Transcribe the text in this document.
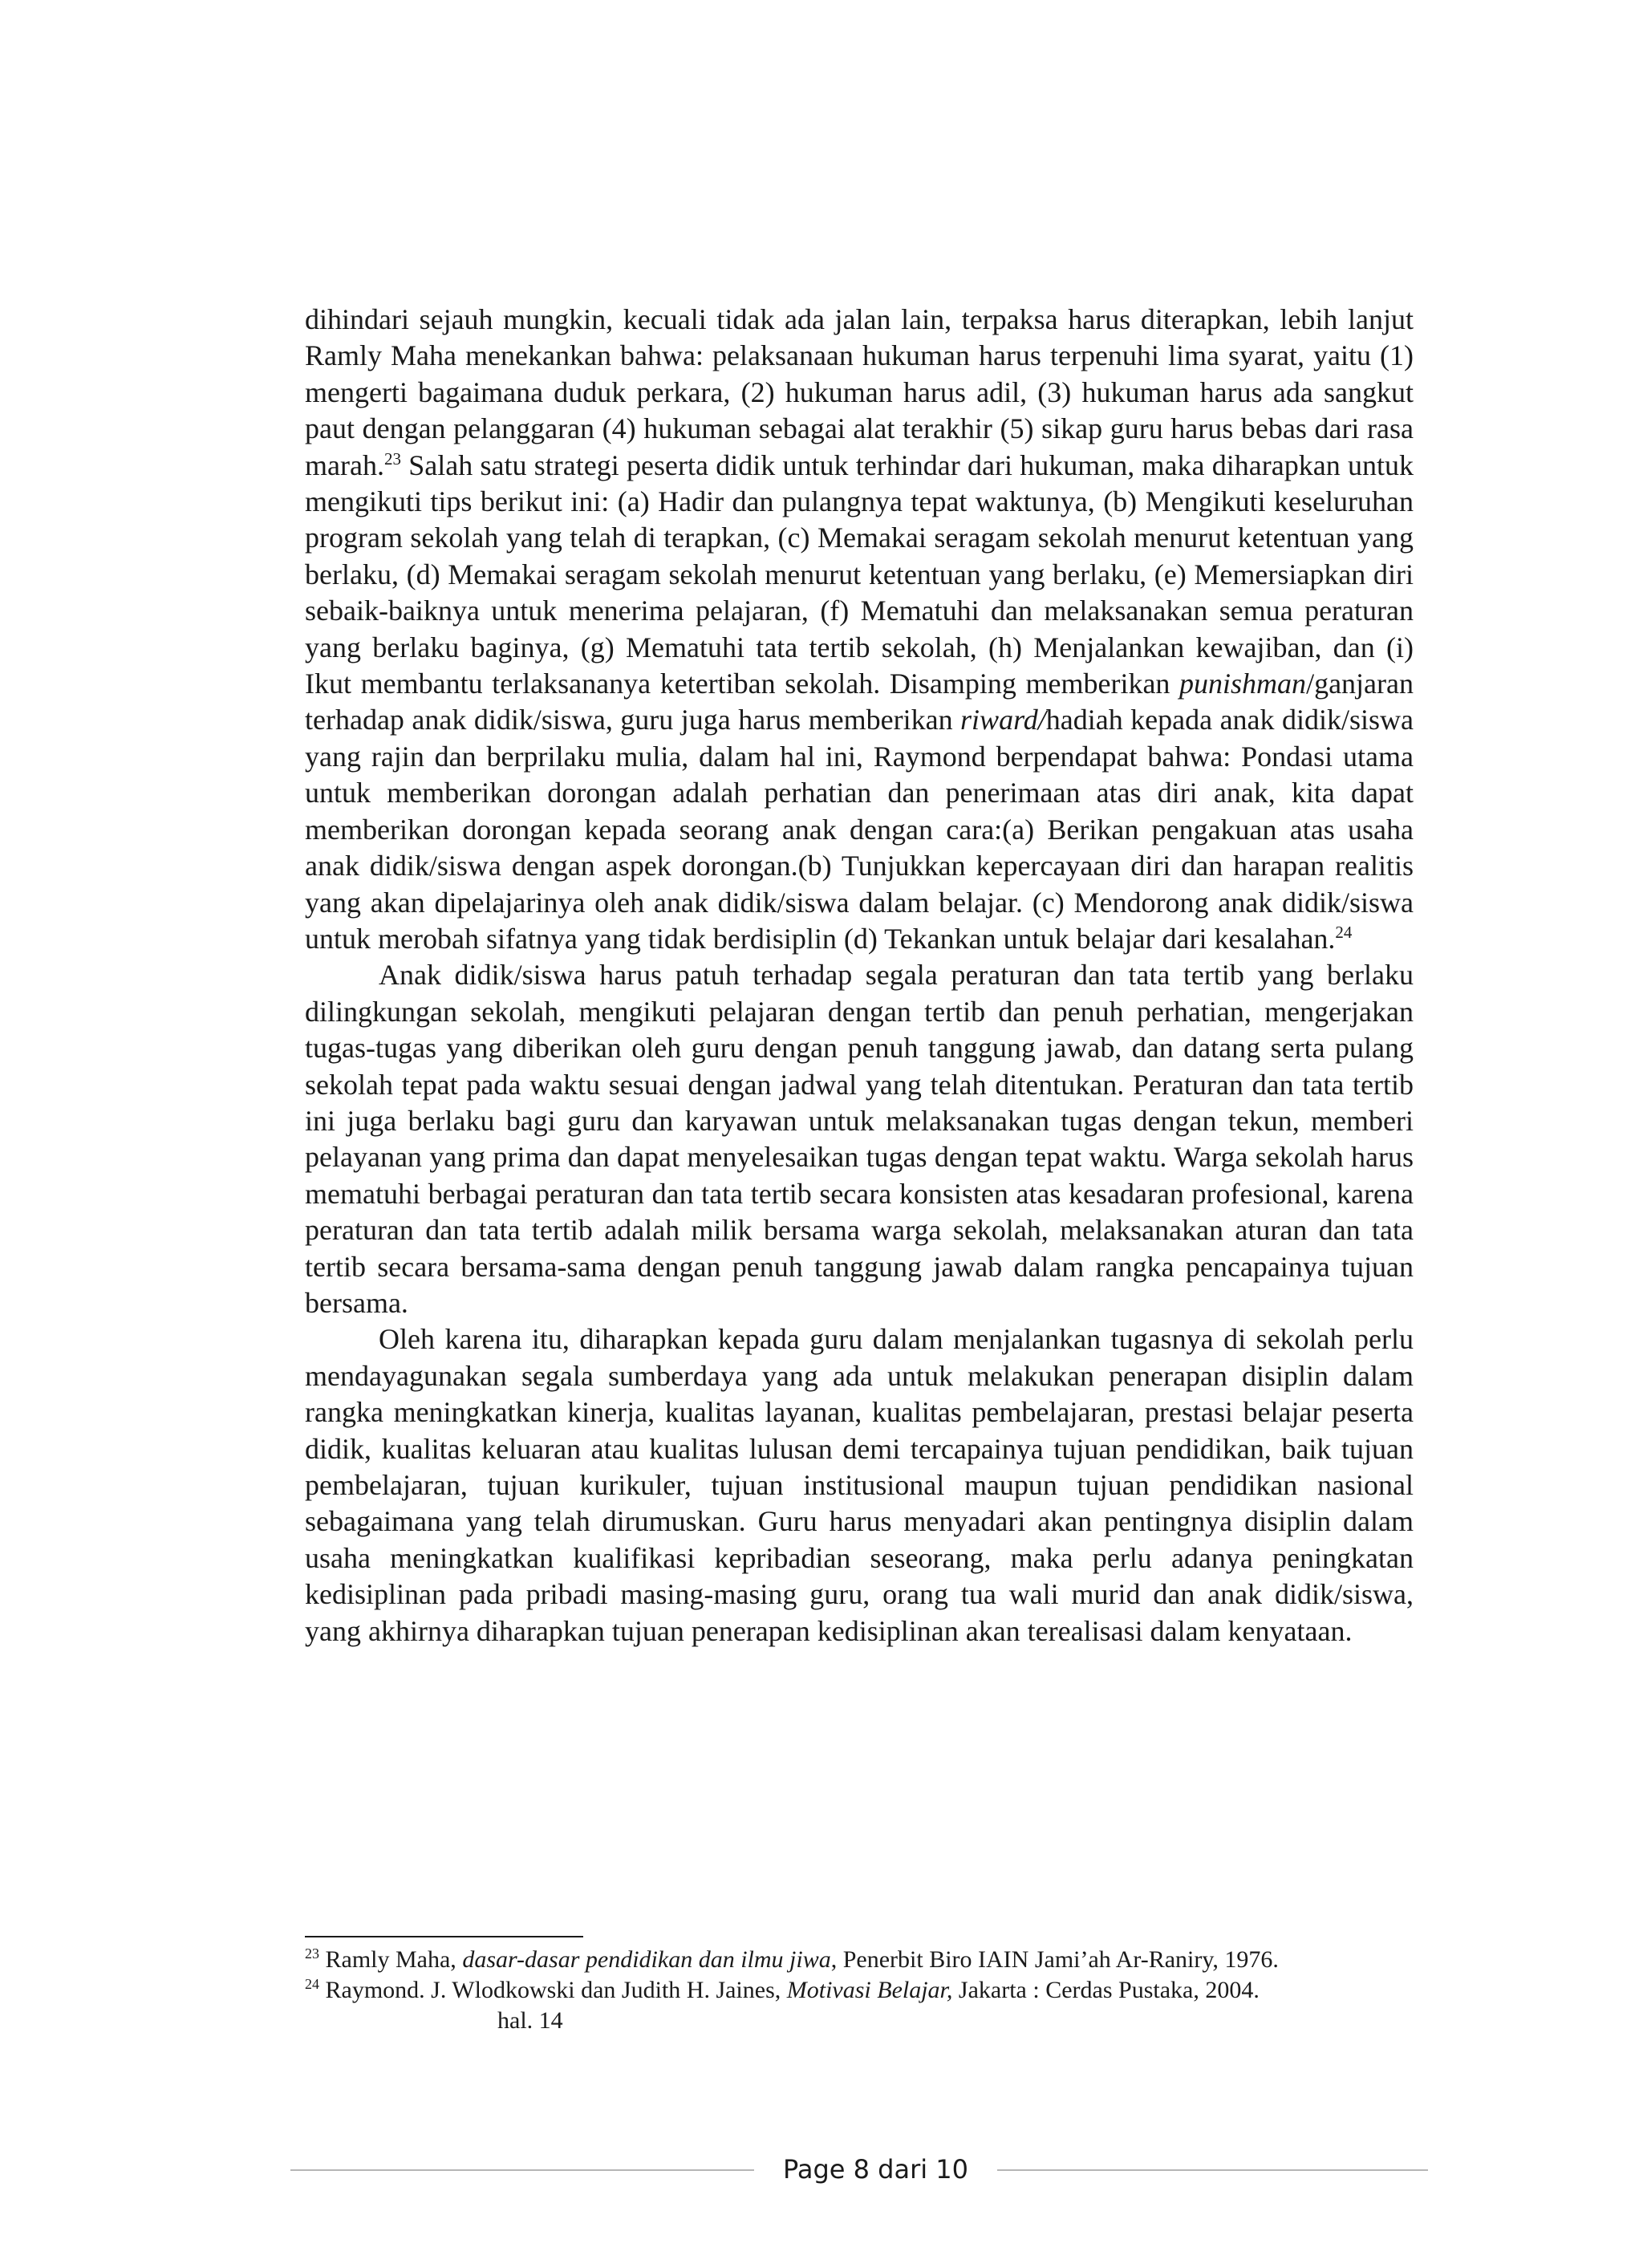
dihindari sejauh mungkin, kecuali tidak ada jalan lain, terpaksa harus diterapkan, lebih lanjut Ramly Maha menekankan bahwa: pelaksanaan hukuman harus terpenuhi lima syarat, yaitu (1) mengerti bagaimana duduk perkara, (2) hukuman harus adil, (3) hukuman harus ada sangkut paut dengan pelanggaran (4) hukuman sebagai alat terakhir (5) sikap guru harus bebas dari rasa marah.$^{23}$ Salah satu strategi peserta didik untuk terhindar dari hukuman, maka diharapkan untuk mengikuti tips berikut ini: (a) Hadir dan pulangnya tepat waktunya, (b) Mengikuti keseluruhan program sekolah yang telah di terapkan, (c) Memakai seragam sekolah menurut ketentuan yang berlaku, (d) Memakai seragam sekolah menurut ketentuan yang berlaku, (e) Memersiapkan diri sebaik-baiknya untuk menerima pelajaran, (f) Mematuhi dan melaksanakan semua peraturan yang berlaku baginya, (g) Mematuhi tata tertib sekolah, (h) Menjalankan kewajiban, dan (i) Ikut membantu terlaksananya ketertiban sekolah. Disamping memberikan punishman/ganjaran terhadap anak didik/siswa, guru juga harus memberikan riward/hadiah kepada anak didik/siswa yang rajin dan berprilaku mulia, dalam hal ini, Raymond berpendapat bahwa: Pondasi utama untuk memberikan dorongan adalah perhatian dan penerimaan atas diri anak, kita dapat memberikan dorongan kepada seorang anak dengan cara:(a) Berikan pengakuan atas usaha anak didik/siswa dengan aspek dorongan.(b) Tunjukkan kepercayaan diri dan harapan realitis yang akan dipelajarinya oleh anak didik/siswa dalam belajar. (c) Mendorong anak didik/siswa untuk merobah sifatnya yang tidak berdisiplin (d) Tekankan untuk belajar dari kesalahan.$^{24}$

Anak didik/siswa harus patuh terhadap segala peraturan dan tata tertib yang berlaku dilingkungan sekolah, mengikuti pelajaran dengan tertib dan penuh perhatian, mengerjakan tugas-tugas yang diberikan oleh guru dengan penuh tanggung jawab, dan datang serta pulang sekolah tepat pada waktu sesuai dengan jadwal yang telah ditentukan. Peraturan dan tata tertib ini juga berlaku bagi guru dan karyawan untuk melaksanakan tugas dengan tekun, memberi pelayanan yang prima dan dapat menyelesaikan tugas dengan tepat waktu. Warga sekolah harus mematuhi berbagai peraturan dan tata tertib secara konsisten atas kesadaran profesional, karena peraturan dan tata tertib adalah milik bersama warga sekolah, melaksanakan aturan dan tata tertib secara bersama-sama dengan penuh tanggung jawab dalam rangka pencapainya tujuan bersama.

Oleh karena itu, diharapkan kepada guru dalam menjalankan tugasnya di sekolah perlu mendayagunakan segala sumberdaya yang ada untuk melakukan penerapan disiplin dalam rangka meningkatkan kinerja, kualitas layanan, kualitas pembelajaran, prestasi belajar peserta didik, kualitas keluaran atau kualitas lulusan demi tercapainya tujuan pendidikan, baik tujuan pembelajaran, tujuan kurikuler, tujuan institusional maupun tujuan pendidikan nasional sebagaimana yang telah dirumuskan. Guru harus menyadari akan pentingnya disiplin dalam usaha meningkatkan kualifikasi kepribadian seseorang, maka perlu adanya peningkatan kedisiplinan pada pribadi masing-masing guru, orang tua wali murid dan anak didik/siswa, yang akhirnya diharapkan tujuan penerapan kedisiplinan akan terealisasi dalam kenyataan.

$^{23}$ Ramly Maha, dasar-dasar pendidikan dan ilmu jiwa, Penerbit Biro IAIN Jami’ah Ar-Raniry, 1976.

$^{24}$ Raymond. J. Wlodkowski dan Judith H. Jaines, Motivasi Belajar, Jakarta : Cerdas Pustaka, 2004.

hal. 14

Page 8 dari 10
